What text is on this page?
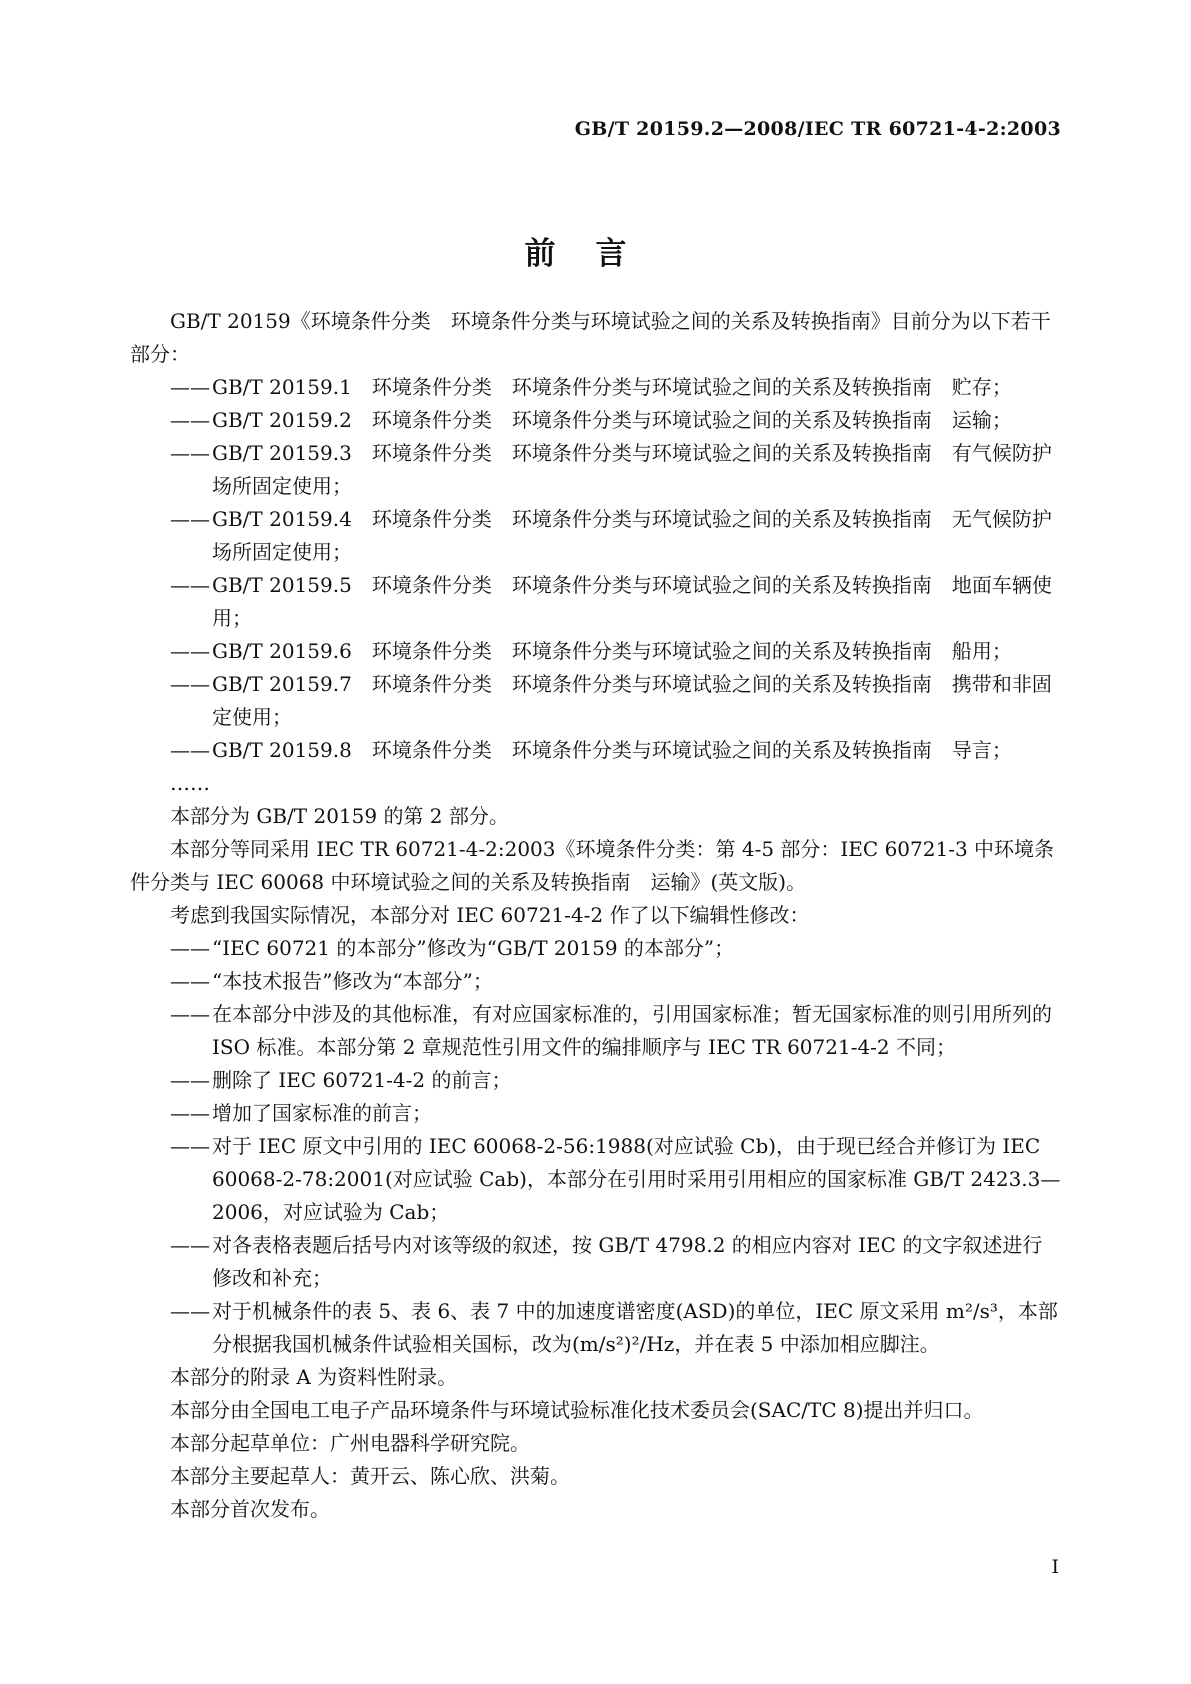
GB/T 20159.2—2008/IEC TR 60721-4-2:2003
前言

GB/T 20159《环境条件分类　环境条件分类与环境试验之间的关系及转换指南》目前分为以下若干部分：

—— GB/T 20159.1　环境条件分类　环境条件分类与环境试验之间的关系及转换指南　贮存；

—— GB/T 20159.2　环境条件分类　环境条件分类与环境试验之间的关系及转换指南　运输；

—— GB/T 20159.3　环境条件分类　环境条件分类与环境试验之间的关系及转换指南　有气候防护场所固定使用；

—— GB/T 20159.4　环境条件分类　环境条件分类与环境试验之间的关系及转换指南　无气候防护场所固定使用；

—— GB/T 20159.5　环境条件分类　环境条件分类与环境试验之间的关系及转换指南　地面车辆使用；

—— GB/T 20159.6　环境条件分类　环境条件分类与环境试验之间的关系及转换指南　船用；

—— GB/T 20159.7　环境条件分类　环境条件分类与环境试验之间的关系及转换指南　携带和非固定使用；

—— GB/T 20159.8　环境条件分类　环境条件分类与环境试验之间的关系及转换指南　导言；

……

本部分为 GB/T 20159 的第 2 部分。

本部分等同采用 IEC TR 60721-4-2:2003《环境条件分类：第 4-5 部分：IEC 60721-3 中环境条件分类与 IEC 60068 中环境试验之间的关系及转换指南　运输》(英文版)。

考虑到我国实际情况，本部分对 IEC 60721-4-2 作了以下编辑性修改：

—— “IEC 60721 的本部分”修改为“GB/T 20159 的本部分”；

—— “本技术报告”修改为“本部分”；

—— 在本部分中涉及的其他标准，有对应国家标准的，引用国家标准；暂无国家标准的则引用所列的 ISO 标准。本部分第 2 章规范性引用文件的编排顺序与 IEC TR 60721-4-2 不同；

—— 删除了 IEC 60721-4-2 的前言；

—— 增加了国家标准的前言；

—— 对于 IEC 原文中引用的 IEC 60068-2-56:1988(对应试验 Cb)，由于现已经合并修订为 IEC 60068-2-78:2001(对应试验 Cab)，本部分在引用时采用引用相应的国家标准 GB/T 2423.3—2006，对应试验为 Cab；

—— 对各表格表题后括号内对该等级的叙述，按 GB/T 4798.2 的相应内容对 IEC 的文字叙述进行修改和补充；

—— 对于机械条件的表 5、表 6、表 7 中的加速度谱密度(ASD)的单位，IEC 原文采用 m²/s³，本部分根据我国机械条件试验相关国标，改为(m/s²)²/Hz，并在表 5 中添加相应脚注。

本部分的附录 A 为资料性附录。

本部分由全国电工电子产品环境条件与环境试验标准化技术委员会(SAC/TC 8)提出并归口。

本部分起草单位：广州电器科学研究院。

本部分主要起草人：黄开云、陈心欣、洪菊。

本部分首次发布。

I
